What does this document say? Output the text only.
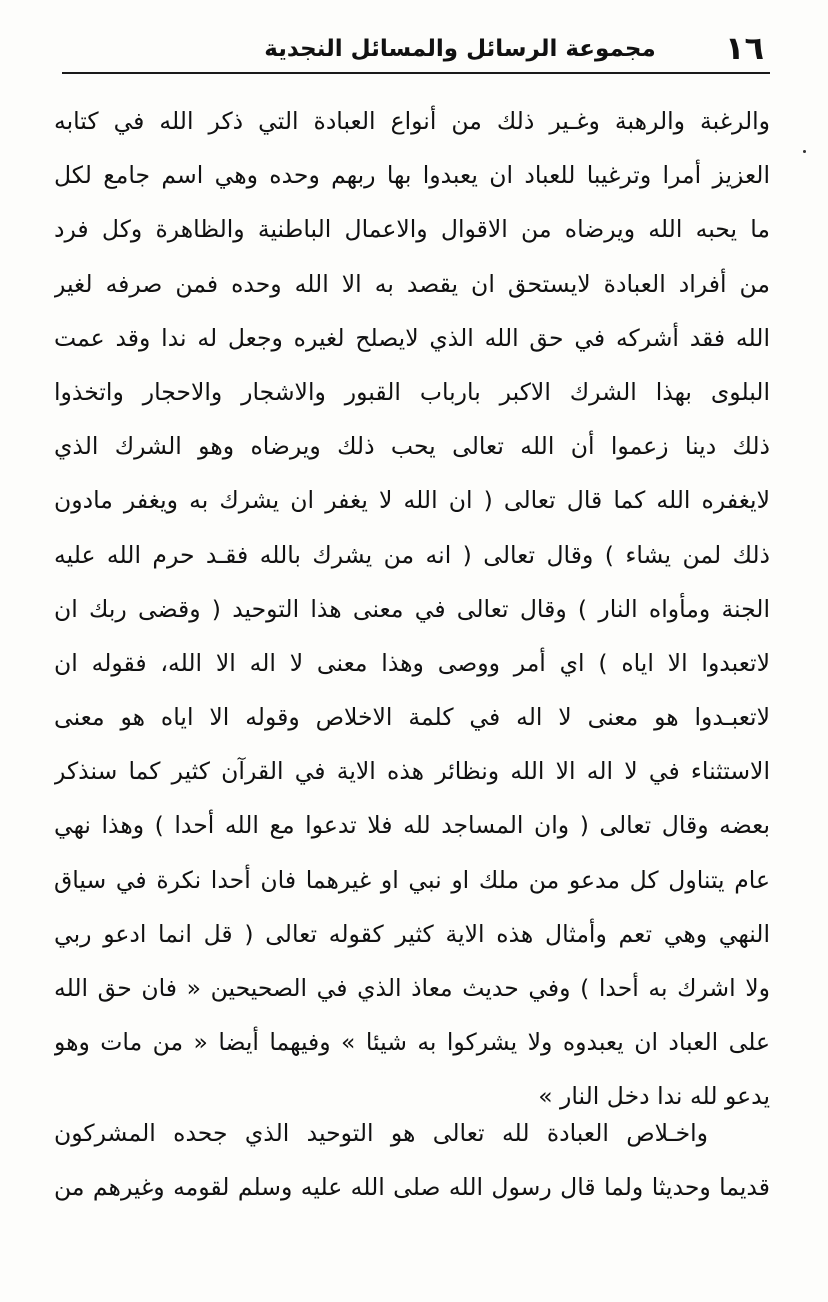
١٦
مجموعة الرسائل والمسائل النجدية
والرغبة والرهبة وغـير ذلك من أنواع العبادة التي ذكر الله في كتابه
العزيز أمرا وترغيبا للعباد ان يعبدوا بها ربهم وحده وهي اسم جامع لكل
ما يحبه الله ويرضاه من الاقوال والاعمال الباطنية والظاهرة وكل فرد
من أفراد العبادة لايستحق ان يقصد به الا الله وحده فمن صرفه لغير
الله فقد أشركه في حق الله الذي لايصلح لغيره وجعل له ندا وقد عمت
البلوى بهذا الشرك الاكبر بارباب القبور والاشجار والاحجار واتخذوا
ذلك دينا زعموا أن الله تعالى يحب ذلك ويرضاه وهو الشرك الذي
لايغفره الله كما قال تعالى ( ان الله لا يغفر ان يشرك به ويغفر مادون
ذلك لمن يشاء ) وقال تعالى ( انه من يشرك بالله فقـد حرم الله عليه
الجنة ومأواه النار ) وقال تعالى في معنى هذا التوحيد ( وقضى ربك ان
لاتعبدوا الا اياه ) اي أمر ووصى وهذا معنى لا اله الا الله، فقوله ان
لاتعبـدوا هو معنى لا اله في كلمة الاخلاص وقوله الا اياه هو معنى
الاستثناء في لا اله الا الله ونظائر هذه الاية في القرآن كثير كما سنذكر
بعضه وقال تعالى ( وان المساجد لله فلا تدعوا مع الله أحدا ) وهذا نهي
عام يتناول كل مدعو من ملك او نبي او غيرهما فان أحدا نكرة في سياق
النهي وهي تعم وأمثال هذه الاية كثير كقوله تعالى ( قل انما ادعو ربي
ولا اشرك به أحدا ) وفي حديث معاذ الذي في الصحيحين « فان حق الله
على العباد ان يعبدوه ولا يشركوا به شيئا » وفيهما أيضا « من مات وهو
يدعو لله ندا دخل النار »
واخـلاص العبادة لله تعالى هو التوحيد الذي جحده المشركون
قديما وحديثا ولما قال رسول الله صلى الله عليه وسلم لقومه وغيرهم من
